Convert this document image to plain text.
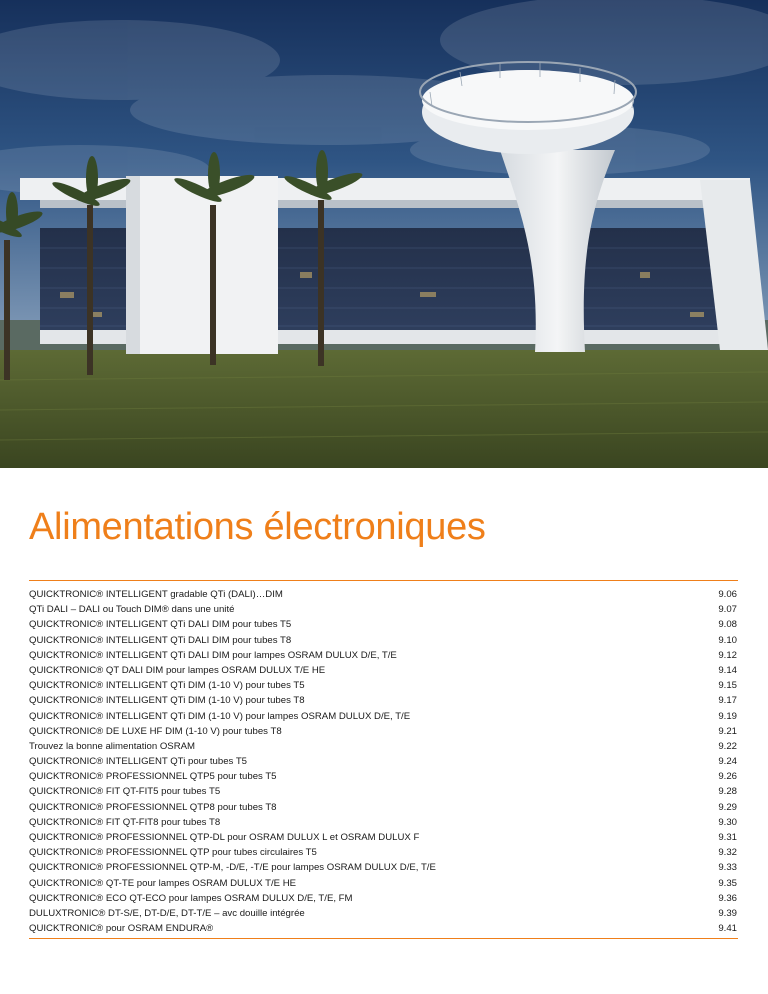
Alimentations électroniques
QUICKTRONIC® INTELLIGENT gradable QTi (DALI)…DIM	9.06
QTi DALI – DALI ou Touch DIM® dans une unité	9.07
QUICKTRONIC® INTELLIGENT QTi DALI DIM pour tubes T5	9.08
QUICKTRONIC® INTELLIGENT QTi DALI DIM pour tubes T8	9.10
QUICKTRONIC® INTELLIGENT QTi DALI DIM pour lampes OSRAM DULUX D/E, T/E	9.12
QUICKTRONIC® QT DALI DIM pour lampes OSRAM DULUX T/E HE	9.14
QUICKTRONIC® INTELLIGENT QTi DIM (1-10 V) pour tubes T5	9.15
QUICKTRONIC® INTELLIGENT QTi DIM (1-10 V) pour tubes T8	9.17
QUICKTRONIC® INTELLIGENT QTi DIM (1-10 V) pour lampes OSRAM DULUX D/E, T/E	9.19
QUICKTRONIC® DE LUXE HF DIM (1-10 V) pour tubes T8	9.21
Trouvez la bonne alimentation OSRAM	9.22
QUICKTRONIC® INTELLIGENT QTi pour tubes T5	9.24
QUICKTRONIC® PROFESSIONNEL QTP5 pour tubes T5	9.26
QUICKTRONIC® FIT QT-FIT5 pour tubes T5	9.28
QUICKTRONIC® PROFESSIONNEL QTP8 pour tubes T8	9.29
QUICKTRONIC® FIT QT-FIT8 pour tubes T8	9.30
QUICKTRONIC® PROFESSIONNEL QTP-DL pour OSRAM DULUX L et OSRAM DULUX F	9.31
QUICKTRONIC® PROFESSIONNEL QTP pour tubes circulaires T5	9.32
QUICKTRONIC® PROFESSIONNEL QTP-M, -D/E, -T/E pour lampes OSRAM DULUX D/E, T/E	9.33
QUICKTRONIC® QT-TE pour lampes OSRAM DULUX T/E HE	9.35
QUICKTRONIC® ECO QT-ECO pour lampes OSRAM DULUX D/E, T/E, FM	9.36
DULUXTRONIC® DT-S/E, DT-D/E, DT-T/E – avc douille intégrée	9.39
QUICKTRONIC® pour OSRAM ENDURA®	9.41
